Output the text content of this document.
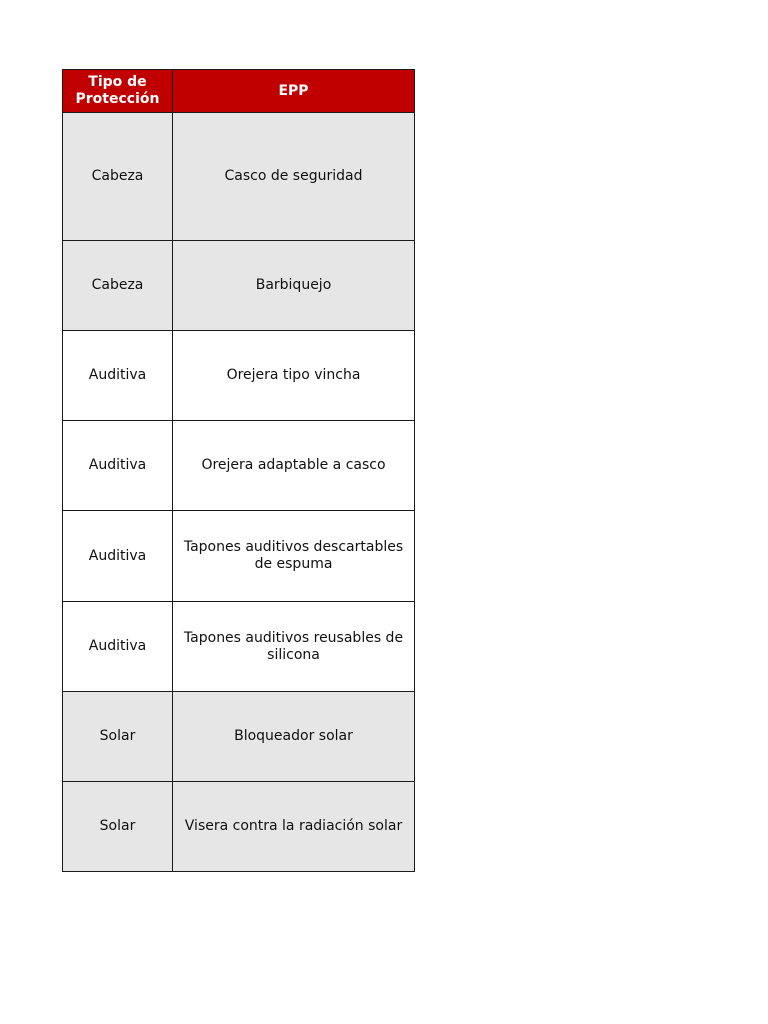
Tipo de Protección	EPP
Cabeza	Casco de seguridad
Cabeza	Barbiquejo
Auditiva	Orejera tipo vincha
Auditiva	Orejera adaptable a casco
Auditiva	Tapones auditivos descartables de espuma
Auditiva	Tapones auditivos reusables de silicona
Solar	Bloqueador solar
Solar	Visera contra la radiación solar
